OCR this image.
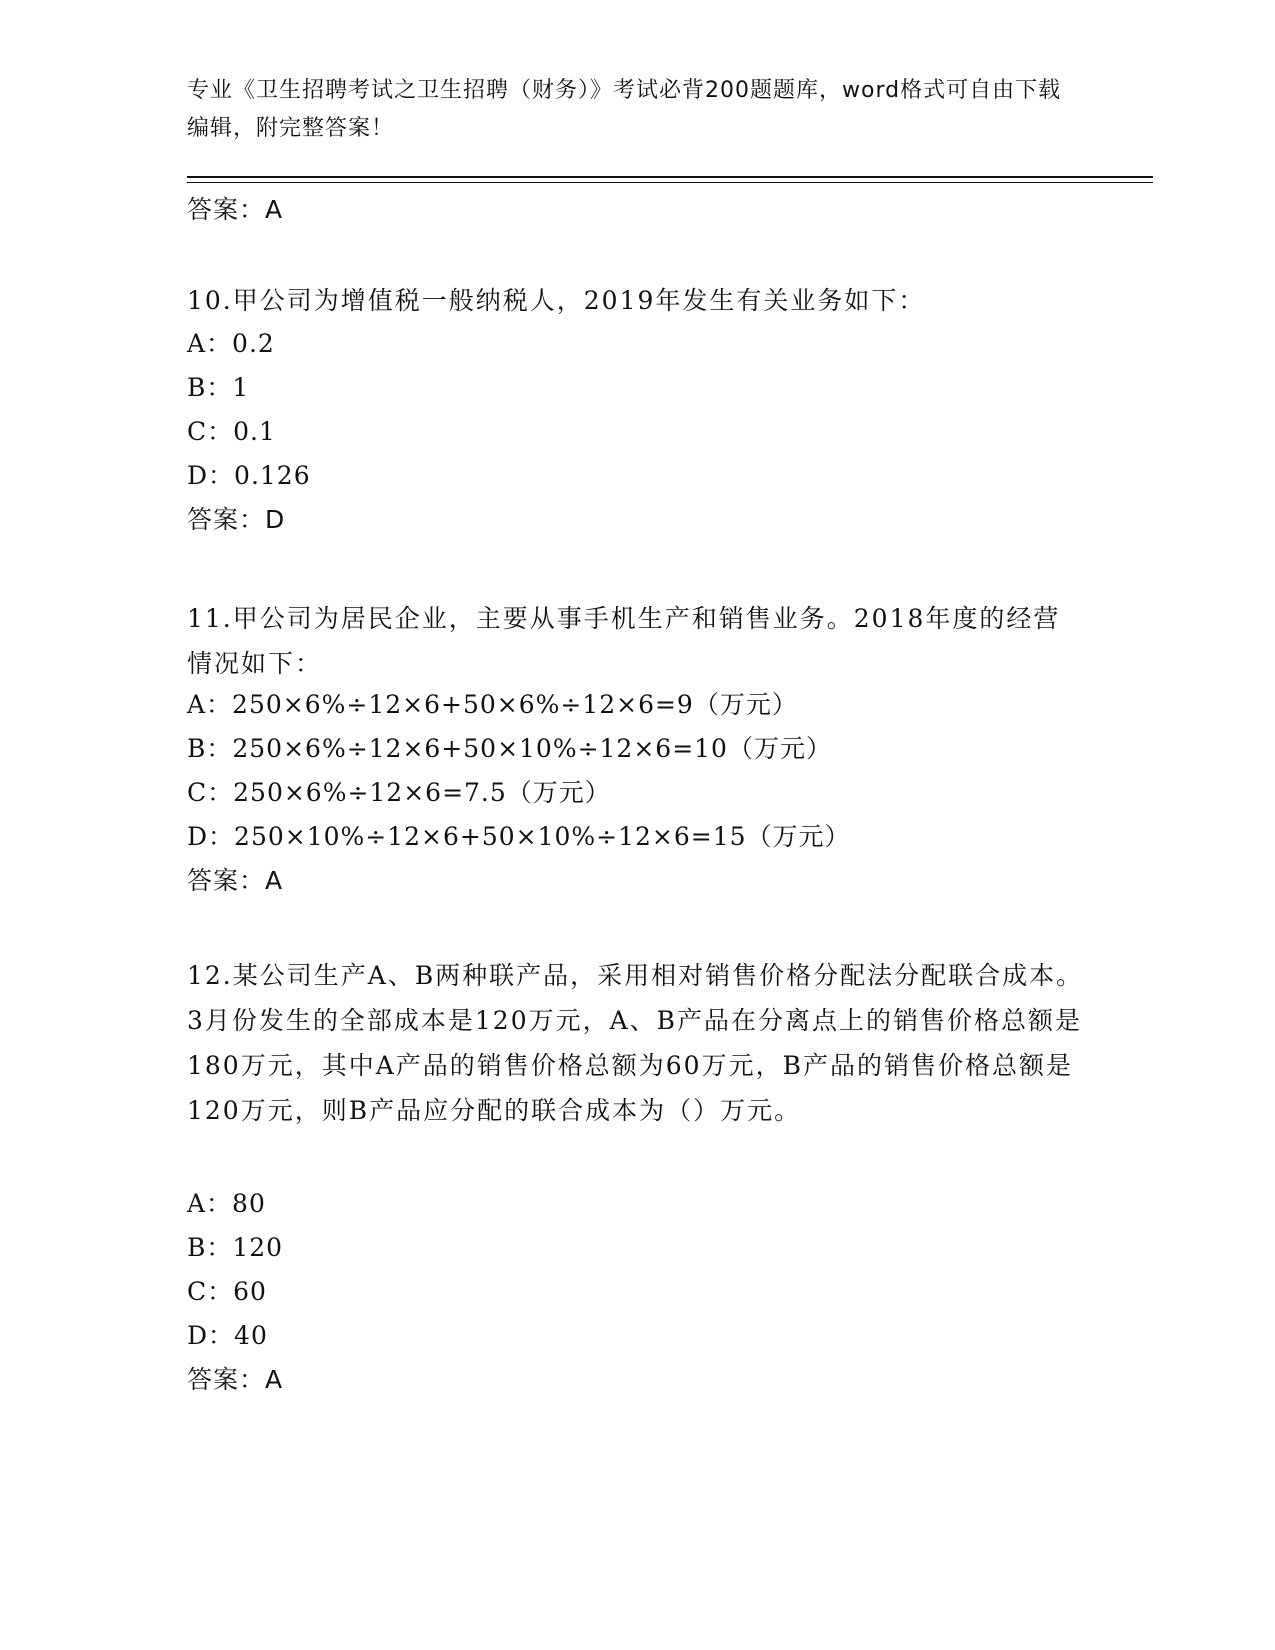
专业《卫生招聘考试之卫生招聘（财务）》考试必背200题题库，word格式可自由下载编辑，附完整答案！
答案：A
10.甲公司为增值税一般纳税人，2019年发生有关业务如下：
A：0.2
B：1
C：0.1
D：0.126
答案：D
11.甲公司为居民企业，主要从事手机生产和销售业务。2018年度的经营情况如下：
A：250×6%÷12×6+50×6%÷12×6=9（万元）
B：250×6%÷12×6+50×10%÷12×6=10（万元）
C：250×6%÷12×6=7.5（万元）
D：250×10%÷12×6+50×10%÷12×6=15（万元）
答案：A
12.某公司生产A、B两种联产品，采用相对销售价格分配法分配联合成本。3月份发生的全部成本是120万元，A、B产品在分离点上的销售价格总额是180万元，其中A产品的销售价格总额为60万元，B产品的销售价格总额是120万元，则B产品应分配的联合成本为（）万元。
A：80
B：120
C：60
D：40
答案：A
